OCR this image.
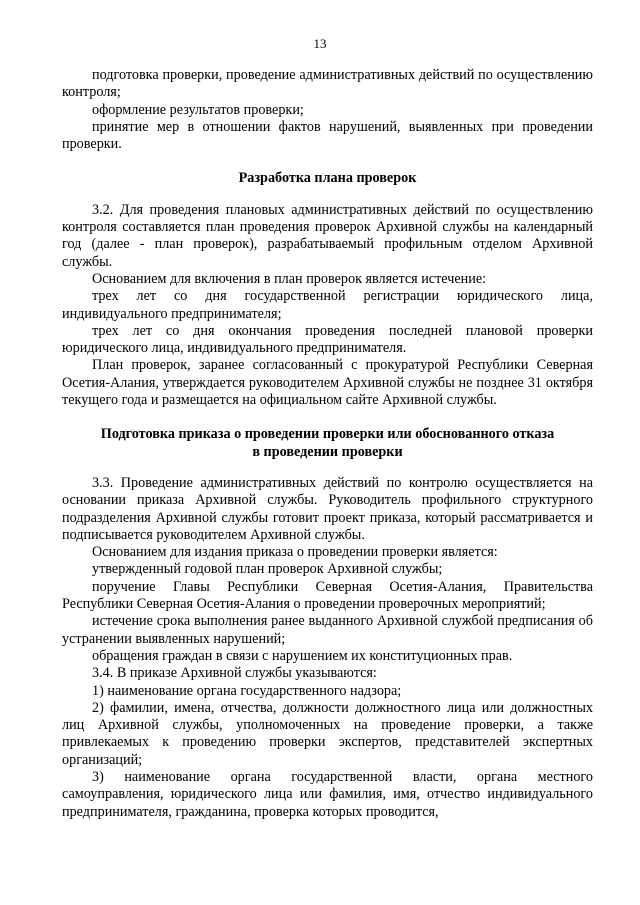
13

подготовка проверки, проведение административных действий по осуществлению контроля;

оформление результатов проверки;

принятие мер в отношении фактов нарушений, выявленных при проведении проверки.

Разработка плана проверок

3.2. Для проведения плановых административных действий по осуществлению контроля составляется план проведения проверок Архивной службы на календарный год (далее - план проверок), разрабатываемый профильным отделом Архивной службы.

Основанием для включения в план проверок является истечение:

трех лет со дня государственной регистрации юридического лица, индивидуального предпринимателя;

трех лет со дня окончания проведения последней плановой проверки юридического лица, индивидуального предпринимателя.

План проверок, заранее согласованный с прокуратурой Республики Северная Осетия-Алания, утверждается руководителем Архивной службы не позднее 31 октября текущего года и размещается на официальном сайте Архивной службы.

Подготовка приказа о проведении проверки или обоснованного отказа

в проведении проверки

3.3. Проведение административных действий по контролю осуществляется на основании приказа Архивной службы. Руководитель профильного структурного подразделения Архивной службы готовит проект приказа, который рассматривается и подписывается руководителем Архивной службы.

Основанием для издания приказа о проведении проверки является:

утвержденный годовой план проверок Архивной службы;

поручение Главы Республики Северная Осетия-Алания, Правительства Республики Северная Осетия-Алания о проведении проверочных мероприятий;

истечение срока выполнения ранее выданного Архивной службой предписания об устранении выявленных нарушений;

обращения граждан в связи с нарушением их конституционных прав.

3.4. В приказе Архивной службы указываются:

1) наименование органа государственного надзора;

2) фамилии, имена, отчества, должности должностного лица или должностных лиц Архивной службы, уполномоченных на проведение проверки, а также привлекаемых к проведению проверки экспертов, представителей экспертных организаций;

3) наименование органа государственной власти, органа местного самоуправления, юридического лица или фамилия, имя, отчество индивидуального предпринимателя, гражданина, проверка которых проводится,
